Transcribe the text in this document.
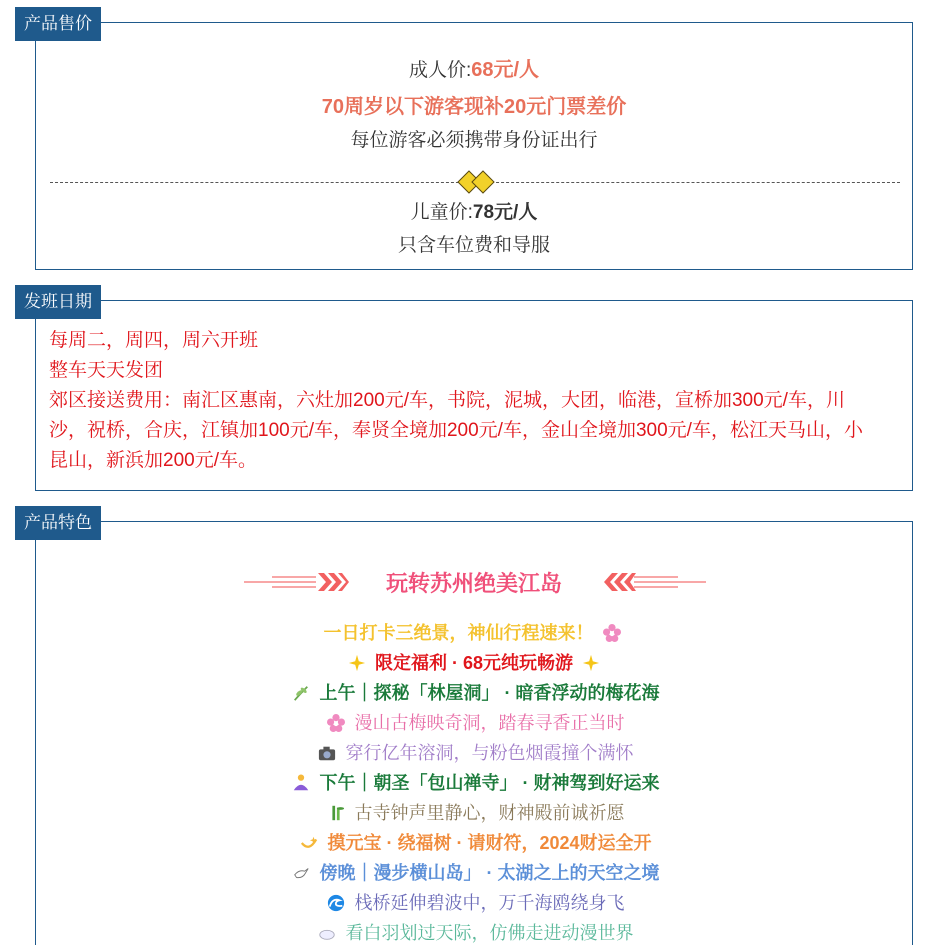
产品售价
成人价:68元/人
70周岁以下游客现补20元门票差价
每位游客必须携带身份证出行
儿童价:78元/人
只含车位费和导服
发班日期
每周二，周四，周六开班
整车天天发团
郊区接送费用：南汇区惠南，六灶加200元/车，书院，泥城，大团，临港，宣桥加300元/车，川
沙，祝桥，合庆，江镇加100元/车，奉贤全境加200元/车，金山全境加300元/车，松江天马山，小
昆山，新浜加200元/车。
产品特色
玩转苏州绝美江岛
一日打卡三绝景，神仙行程速来！
限定福利 · 68元纯玩畅游
上午｜探秘「林屋洞」 · 暗香浮动的梅花海
漫山古梅映奇洞，踏春寻香正当时
穿行亿年溶洞，与粉色烟霞撞个满怀
下午｜朝圣「包山禅寺」 · 财神驾到好运来
古寺钟声里静心，财神殿前诚祈愿
摸元宝 · 绕福树 · 请财符，2024财运全开
傍晚｜漫步横山岛」 · 太湖之上的天空之境
栈桥延伸碧波中，万千海鸥绕身飞
看白羽划过天际，仿佛走进动漫世界
